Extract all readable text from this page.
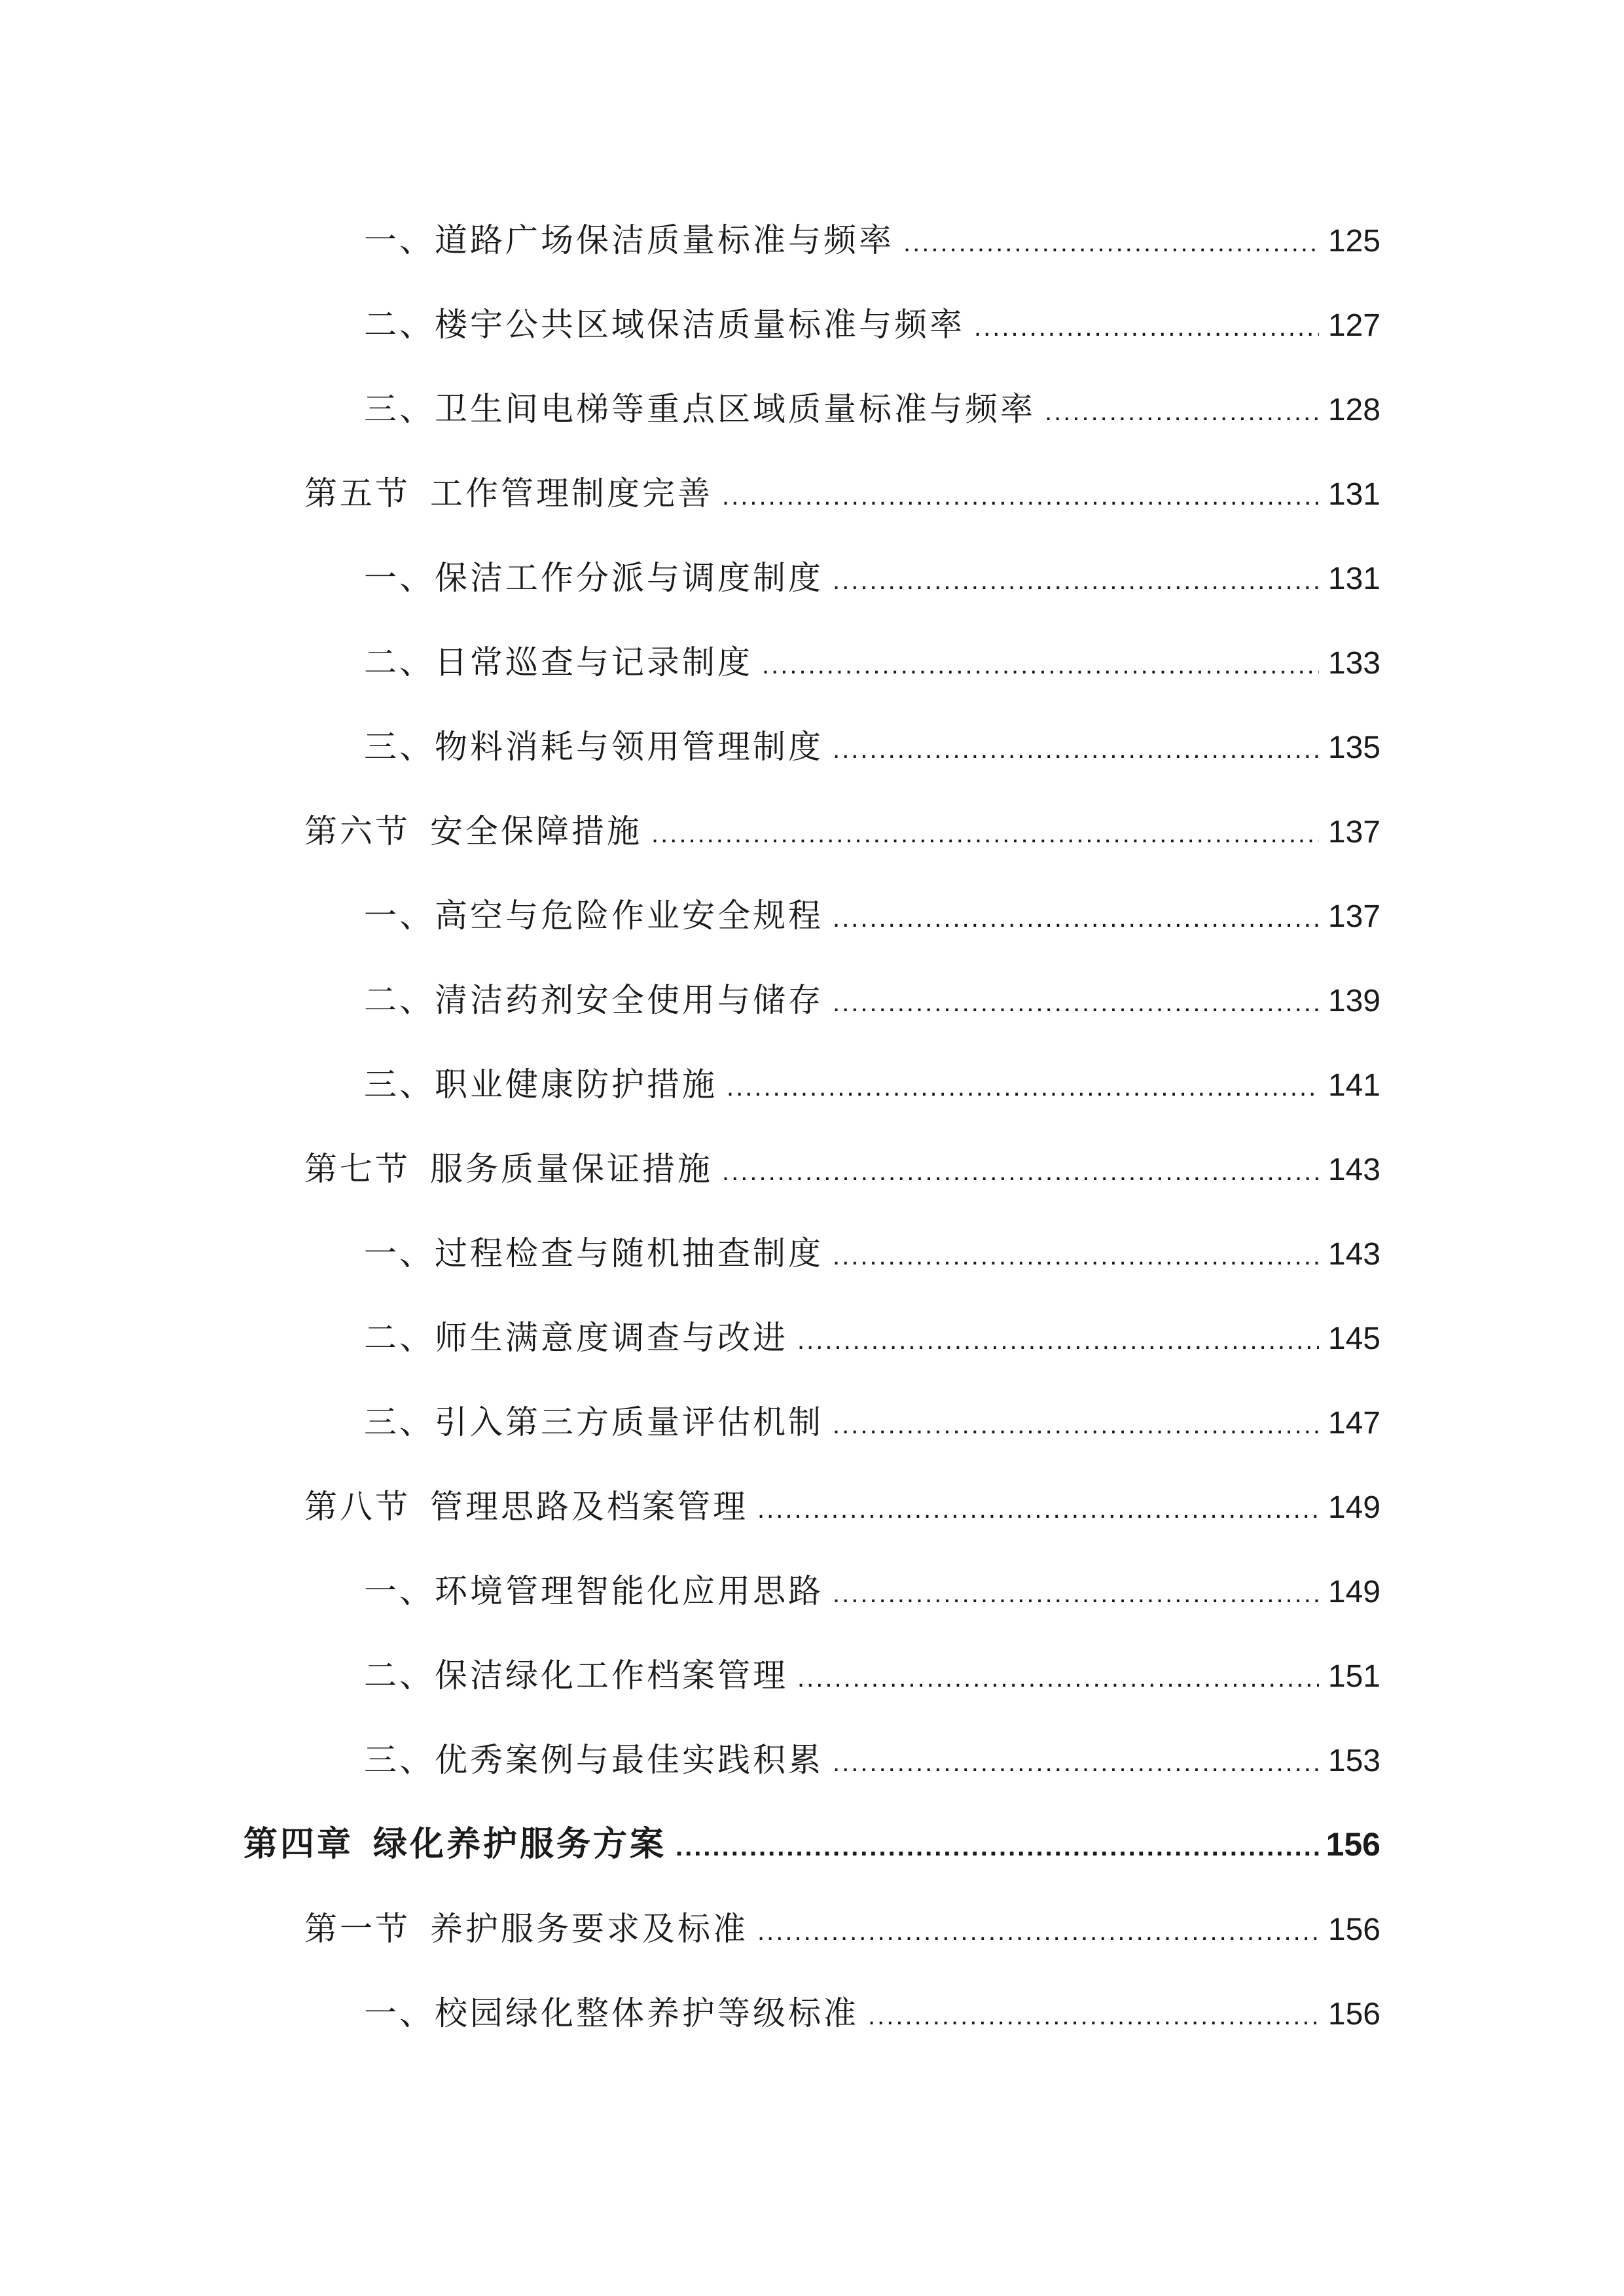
一、道路广场保洁质量标准与频率 .....	125
二、楼宇公共区域保洁质量标准与频率 .....	127
三、卫生间电梯等重点区域质量标准与频率 .....	128
第五节 工作管理制度完善 .....	131
一、保洁工作分派与调度制度 .....	131
二、日常巡查与记录制度 .....	133
三、物料消耗与领用管理制度 .....	135
第六节 安全保障措施 .....	137
一、高空与危险作业安全规程 .....	137
二、清洁药剂安全使用与储存 .....	139
三、职业健康防护措施 .....	141
第七节 服务质量保证措施 .....	143
一、过程检查与随机抽查制度 .....	143
二、师生满意度调查与改进 .....	145
三、引入第三方质量评估机制 .....	147
第八节 管理思路及档案管理 .....	149
一、环境管理智能化应用思路 .....	149
二、保洁绿化工作档案管理 .....	151
三、优秀案例与最佳实践积累 .....	153
第四章 绿化养护服务方案 .....	156
第一节 养护服务要求及标准 .....	156
一、校园绿化整体养护等级标准 .....	156
